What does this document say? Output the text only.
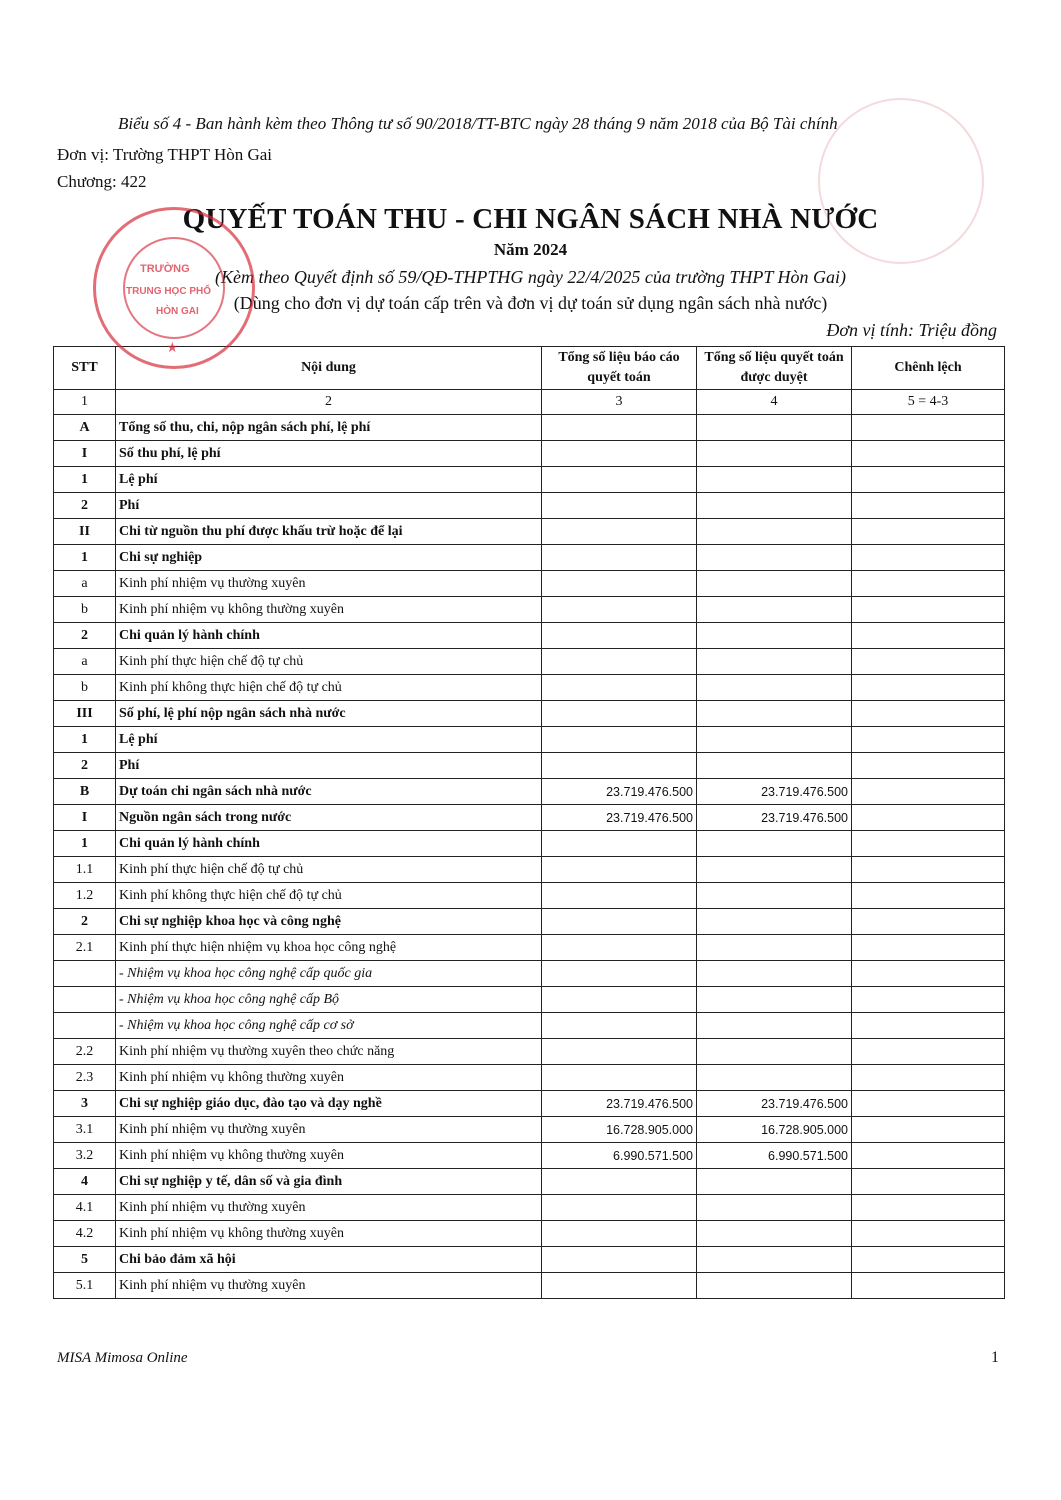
Biểu số 4 - Ban hành kèm theo Thông tư số 90/2018/TT-BTC ngày 28 tháng 9 năm 2018 của Bộ Tài chính
Đơn vị: Trường THPT Hòn Gai
Chương: 422
QUYẾT TOÁN THU - CHI NGÂN SÁCH NHÀ NƯỚC
Năm 2024
(Kèm theo Quyết định số 59/QĐ-THPTHG ngày 22/4/2025 của trường THPT Hòn Gai)
(Dùng cho đơn vị dự toán cấp trên và đơn vị dự toán sử dụng ngân sách nhà nước)
Đơn vị tính: Triệu đồng
STT	Nội dung	Tổng số liệu báo cáo quyết toán	Tổng số liệu quyết toán được duyệt	Chênh lệch
1	2	3	4	5 = 4-3
A	Tổng số thu, chi, nộp ngân sách phí, lệ phí			
I	Số thu phí, lệ phí			
1	Lệ phí			
2	Phí			
II	Chi từ nguồn thu phí được khấu trừ hoặc để lại			
1	Chi sự nghiệp			
a	Kinh phí nhiệm vụ thường xuyên			
b	Kinh phí nhiệm vụ không thường xuyên			
2	Chi quản lý hành chính			
a	Kinh phí thực hiện chế độ tự chủ			
b	Kinh phí không thực hiện chế độ tự chủ			
III	Số phí, lệ phí nộp ngân sách nhà nước			
1	Lệ phí			
2	Phí			
B	Dự toán chi ngân sách nhà nước	23.719.476.500	23.719.476.500	
I	Nguồn ngân sách trong nước	23.719.476.500	23.719.476.500	
1	Chi quản lý hành chính			
1.1	Kinh phí thực hiện chế độ tự chủ			
1.2	Kinh phí không thực hiện chế độ tự chủ			
2	Chi sự nghiệp khoa học và công nghệ			
2.1	Kinh phí thực hiện nhiệm vụ khoa học công nghệ			
	- Nhiệm vụ khoa học công nghệ cấp quốc gia			
	- Nhiệm vụ khoa học công nghệ cấp Bộ			
	- Nhiệm vụ khoa học công nghệ cấp cơ sở			
2.2	Kinh phí nhiệm vụ thường xuyên theo chức năng			
2.3	Kinh phí nhiệm vụ không thường xuyên			
3	Chi sự nghiệp giáo dục, đào tạo và dạy nghề	23.719.476.500	23.719.476.500	
3.1	Kinh phí nhiệm vụ thường xuyên	16.728.905.000	16.728.905.000	
3.2	Kinh phí nhiệm vụ không thường xuyên	6.990.571.500	6.990.571.500	
4	Chi sự nghiệp y tế, dân số và gia đình			
4.1	Kinh phí nhiệm vụ thường xuyên			
4.2	Kinh phí nhiệm vụ không thường xuyên			
5	Chi bảo đảm xã hội			
5.1	Kinh phí nhiệm vụ thường xuyên			
TRƯỜNG
TRUNG HỌC PHỔ
HÒN GAI
★
MISA Mimosa Online	1
